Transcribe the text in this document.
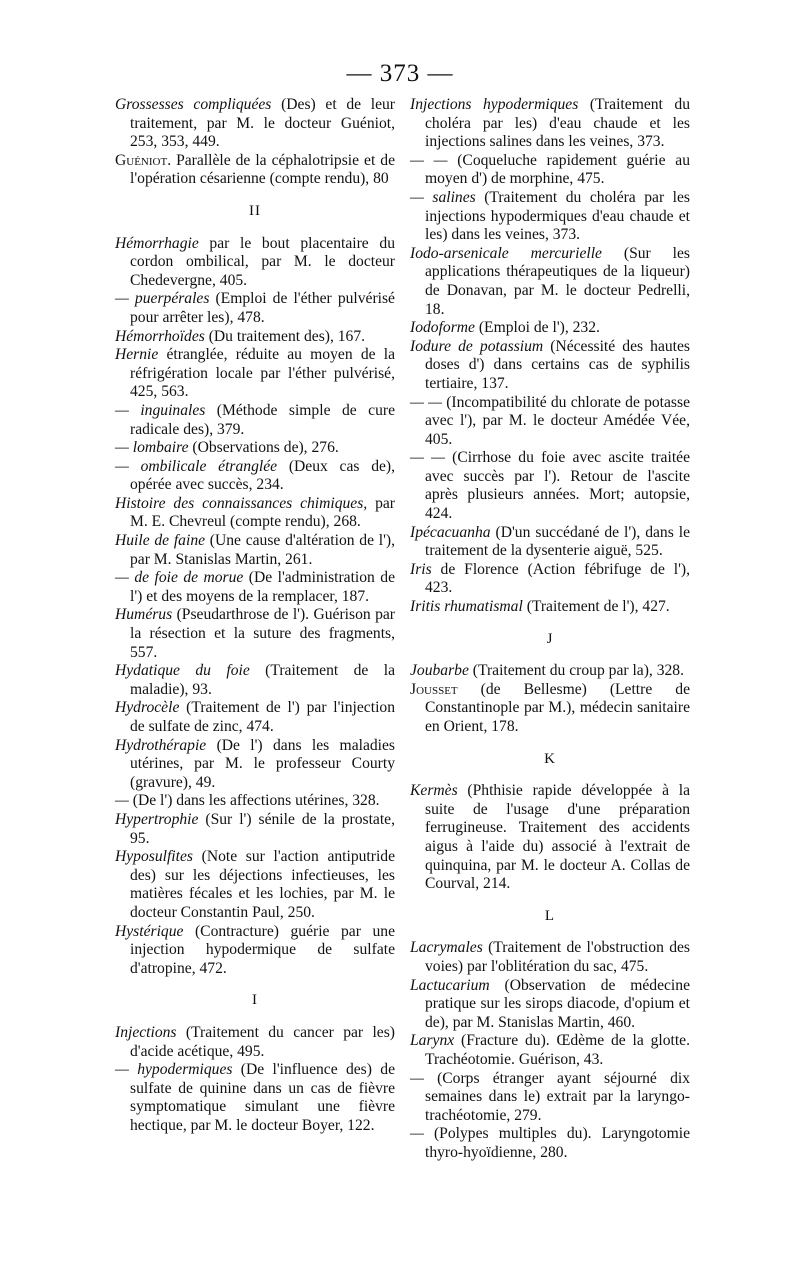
— 373 —

Grossesses compliquées (Des) et de leur traitement, par M. le docteur Guéniot, 253, 353, 449.

Guéniot. Parallèle de la céphalotripsie et de l'opération césarienne (compte rendu), 80

II

Hémorrhagie par le bout placentaire du cordon ombilical, par M. le docteur Chedevergne, 405.

— puerpérales (Emploi de l'éther pulvérisé pour arrêter les), 478.

Hémorrhoïdes (Du traitement des), 167.

Hernie étranglée, réduite au moyen de la réfrigération locale par l'éther pulvérisé, 425, 563.

— inguinales (Méthode simple de cure radicale des), 379.

— lombaire (Observations de), 276.

— ombilicale étranglée (Deux cas de), opérée avec succès, 234.

Histoire des connaissances chimiques, par M. E. Chevreul (compte rendu), 268.

Huile de faine (Une cause d'altération de l'), par M. Stanislas Martin, 261.

— de foie de morue (De l'administration de l') et des moyens de la remplacer, 187.

Humérus (Pseudarthrose de l'). Guérison par la résection et la suture des fragments, 557.

Hydatique du foie (Traitement de la maladie), 93.

Hydrocèle (Traitement de l') par l'injection de sulfate de zinc, 474.

Hydrothérapie (De l') dans les maladies utérines, par M. le professeur Courty (gravure), 49.

— (De l') dans les affections utérines, 328.

Hypertrophie (Sur l') sénile de la prostate, 95.

Hyposulfites (Note sur l'action antiputride des) sur les déjections infectieuses, les matières fécales et les lochies, par M. le docteur Constantin Paul, 250.

Hystérique (Contracture) guérie par une injection hypodermique de sulfate d'atropine, 472.

I

Injections (Traitement du cancer par les) d'acide acétique, 495.

— hypodermiques (De l'influence des) de sulfate de quinine dans un cas de fièvre symptomatique simulant une fièvre hectique, par M. le docteur Boyer, 122.

Injections hypodermiques (Traitement du choléra par les) d'eau chaude et les injections salines dans les veines, 373.

— — (Coqueluche rapidement guérie au moyen d') de morphine, 475.

— salines (Traitement du choléra par les injections hypodermiques d'eau chaude et les) dans les veines, 373.

Iodo-arsenicale mercurielle (Sur les applications thérapeutiques de la liqueur) de Donavan, par M. le docteur Pedrelli, 18.

Iodoforme (Emploi de l'), 232.

Iodure de potassium (Nécessité des hautes doses d') dans certains cas de syphilis tertiaire, 137.

— — (Incompatibilité du chlorate de potasse avec l'), par M. le docteur Amédée Vée, 405.

— — (Cirrhose du foie avec ascite traitée avec succès par l'). Retour de l'ascite après plusieurs années. Mort; autopsie, 424.

Ipécacuanha (D'un succédané de l'), dans le traitement de la dysenterie aiguë, 525.

Iris de Florence (Action fébrifuge de l'), 423.

Iritis rhumatismal (Traitement de l'), 427.

J

Joubarbe (Traitement du croup par la), 328.

Jousset (de Bellesme) (Lettre de Constantinople par M.), médecin sanitaire en Orient, 178.

K

Kermès (Phthisie rapide développée à la suite de l'usage d'une préparation ferrugineuse. Traitement des accidents aigus à l'aide du) associé à l'extrait de quinquina, par M. le docteur A. Collas de Courval, 214.

L

Lacrymales (Traitement de l'obstruction des voies) par l'oblitération du sac, 475.

Lactucarium (Observation de médecine pratique sur les sirops diacode, d'opium et de), par M. Stanislas Martin, 460.

Larynx (Fracture du). Œdème de la glotte. Trachéotomie. Guérison, 43.

— (Corps étranger ayant séjourné dix semaines dans le) extrait par la laryngo-trachéotomie, 279.

— (Polypes multiples du). Laryngotomie thyro-hyoïdienne, 280.
